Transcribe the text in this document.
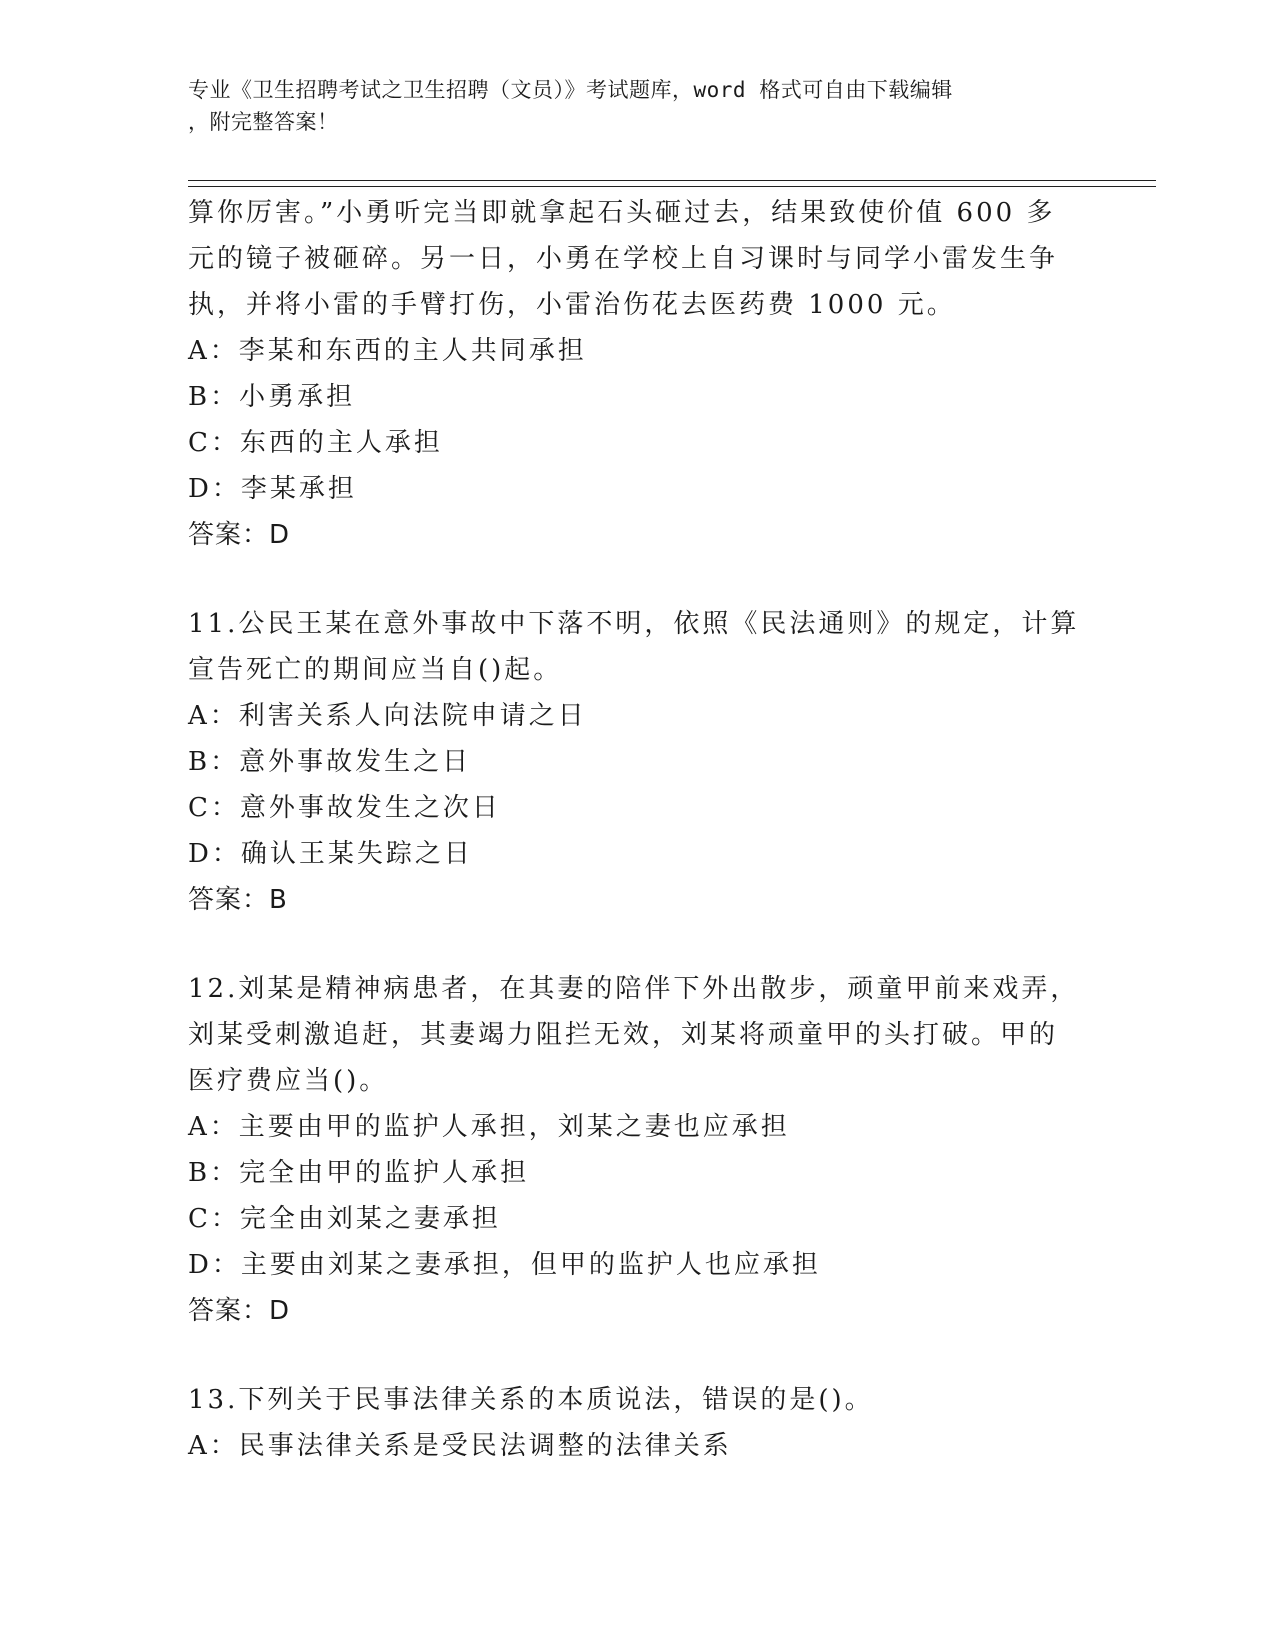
专业《卫生招聘考试之卫生招聘（文员）》考试题库，word 格式可自由下载编辑
，附完整答案！
算你厉害。”小勇听完当即就拿起石头砸过去，结果致使价值 600 多
元的镜子被砸碎。另一日，小勇在学校上自习课时与同学小雷发生争
执，并将小雷的手臂打伤，小雷治伤花去医药费 1000 元。
A：李某和东西的主人共同承担
B：小勇承担
C：东西的主人承担
D：李某承担
答案：D
11.公民王某在意外事故中下落不明，依照《民法通则》的规定，计算
宣告死亡的期间应当自()起。
A：利害关系人向法院申请之日
B：意外事故发生之日
C：意外事故发生之次日
D：确认王某失踪之日
答案：B
12.刘某是精神病患者，在其妻的陪伴下外出散步，顽童甲前来戏弄，
刘某受刺激追赶，其妻竭力阻拦无效，刘某将顽童甲的头打破。甲的
医疗费应当()。
A：主要由甲的监护人承担，刘某之妻也应承担
B：完全由甲的监护人承担
C：完全由刘某之妻承担
D：主要由刘某之妻承担，但甲的监护人也应承担
答案：D
13.下列关于民事法律关系的本质说法，错误的是()。
A：民事法律关系是受民法调整的法律关系
